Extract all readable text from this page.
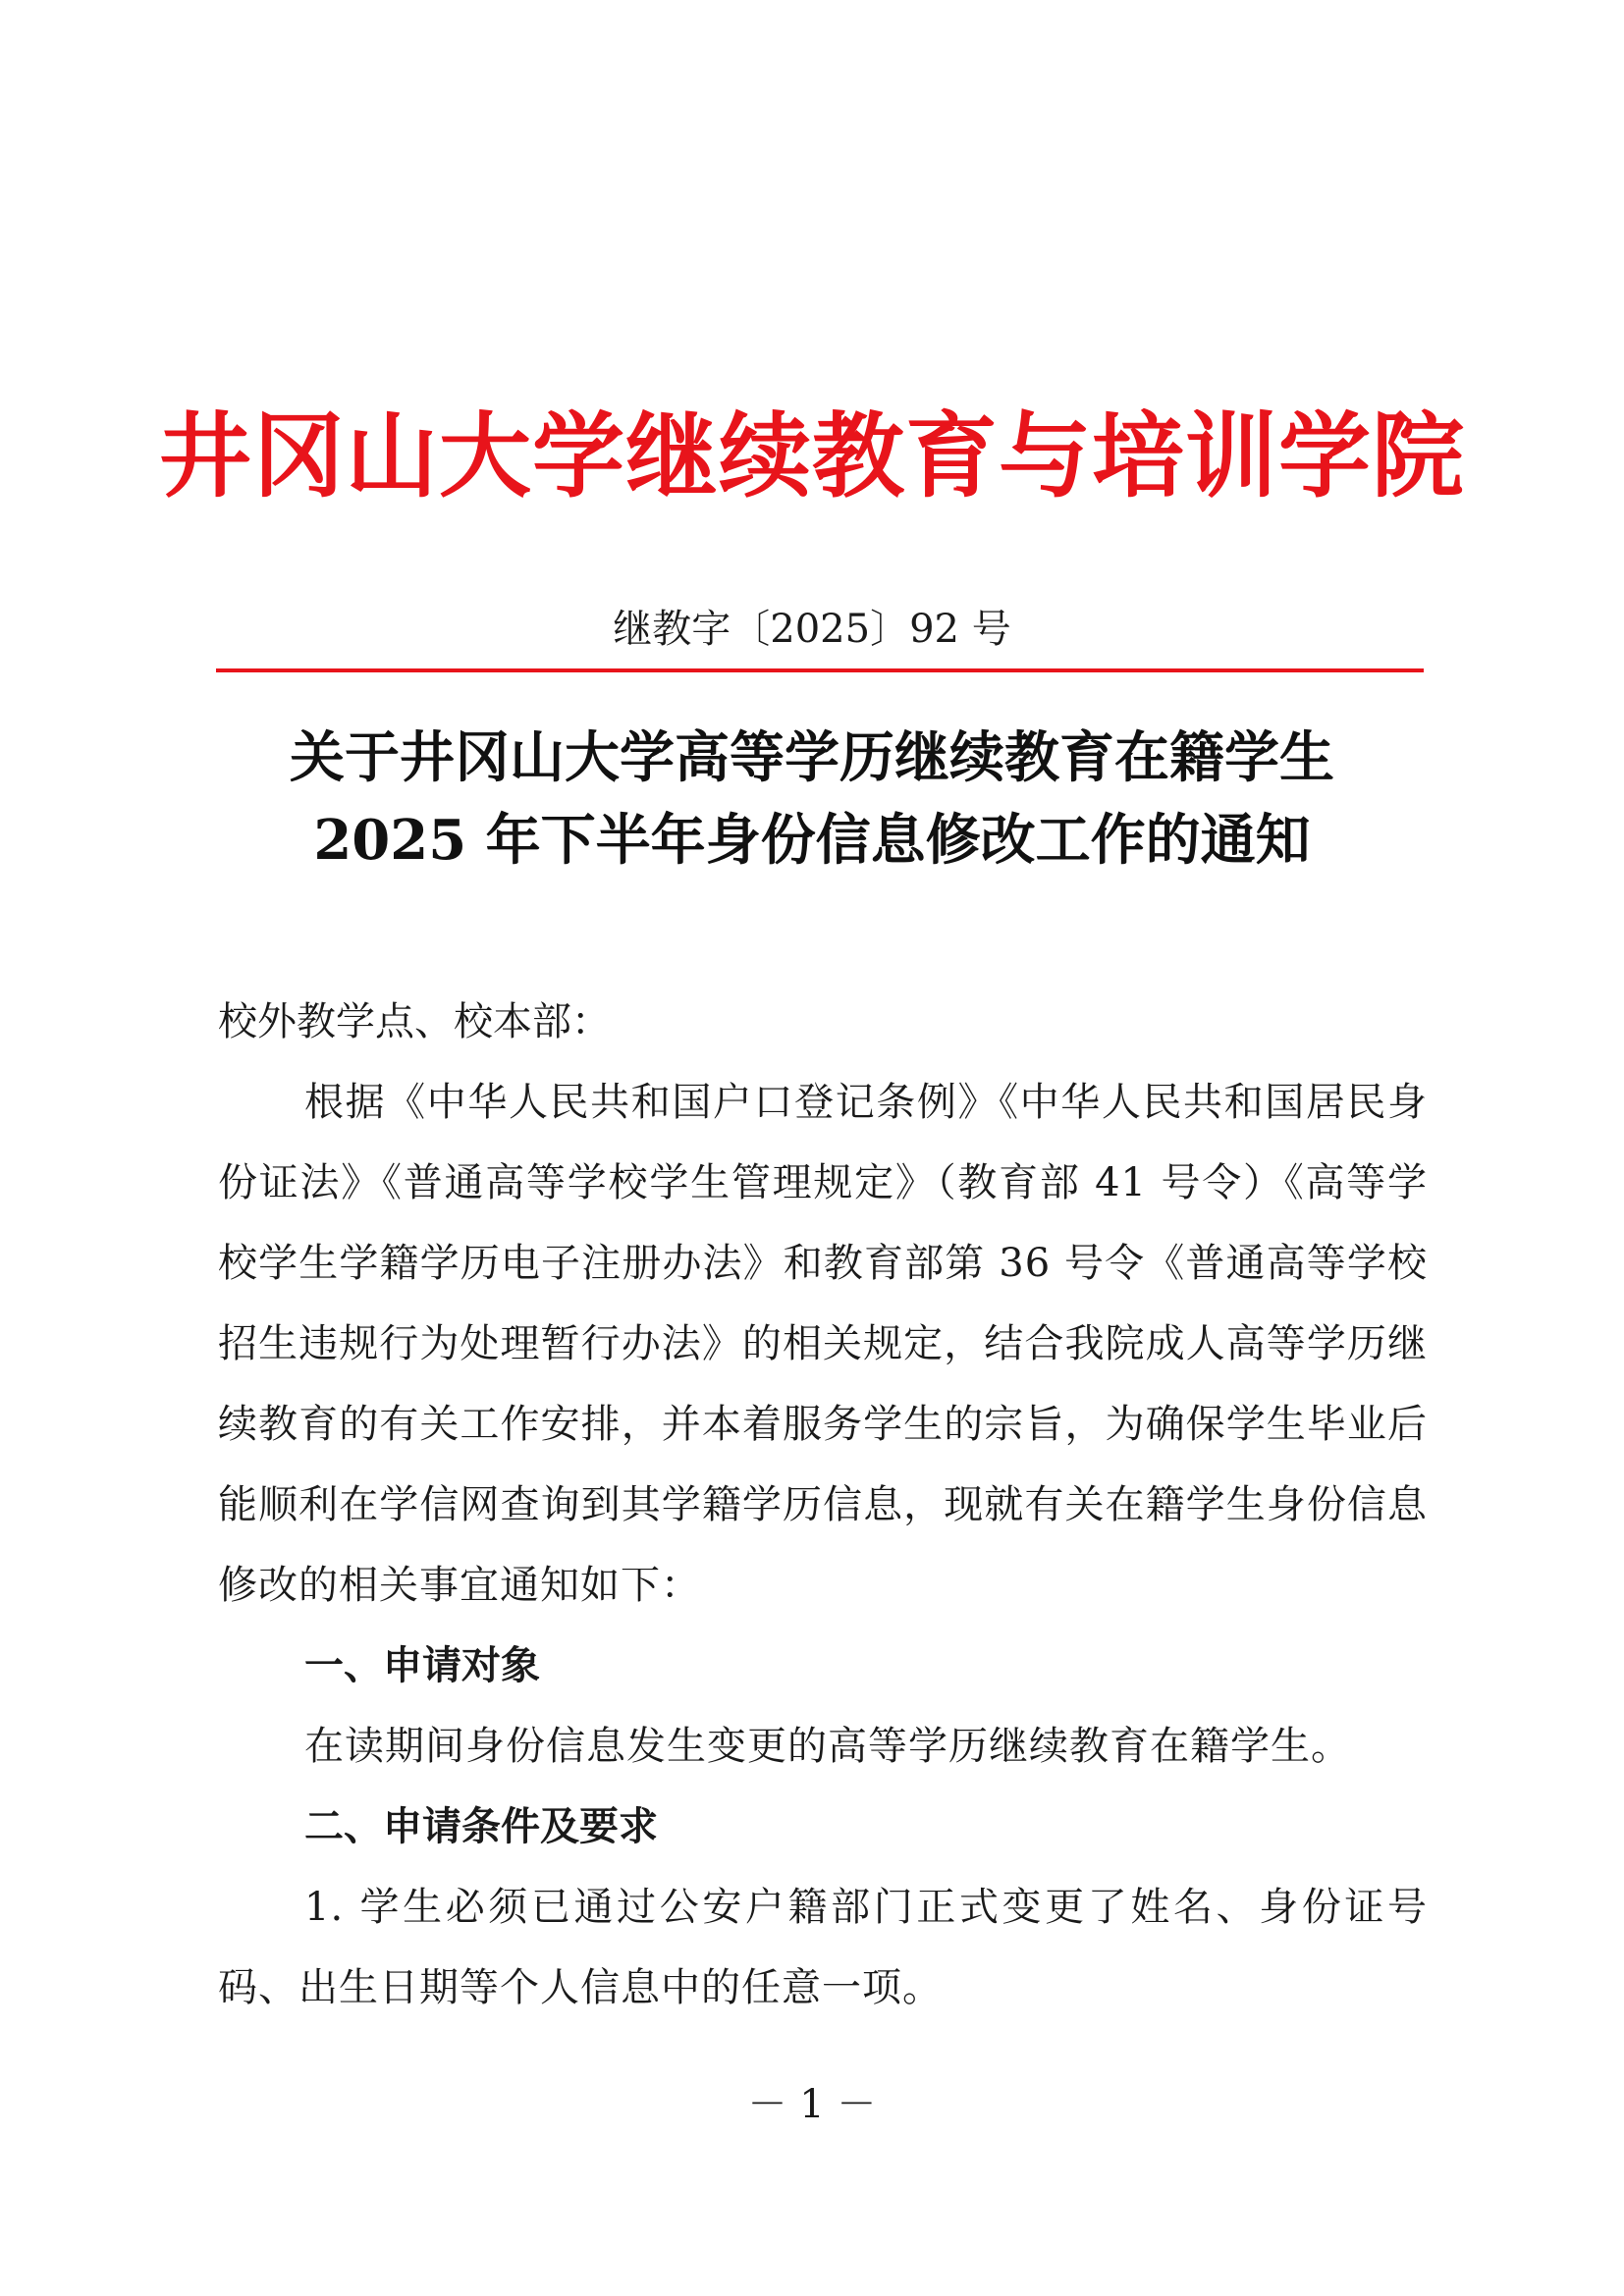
井冈山大学继续教育与培训学院
继教字〔2025〕92 号
关于井冈山大学高等学历继续教育在籍学生
2025 年下半年身份信息修改工作的通知

校外教学点、校本部：

根据《中华人民共和国户口登记条例》《中华人民共和国居民身份证法》《普通高等学校学生管理规定》（教育部 41 号令）《高等学校学生学籍学历电子注册办法》和教育部第 36 号令《普通高等学校招生违规行为处理暂行办法》的相关规定，结合我院成人高等学历继续教育的有关工作安排，并本着服务学生的宗旨，为确保学生毕业后能顺利在学信网查询到其学籍学历信息，现就有关在籍学生身份信息修改的相关事宜通知如下：

一、申请对象

在读期间身份信息发生变更的高等学历继续教育在籍学生。

二、申请条件及要求

1. 学生必须已通过公安户籍部门正式变更了姓名、身份证号码、出生日期等个人信息中的任意一项。

－ 1 －
